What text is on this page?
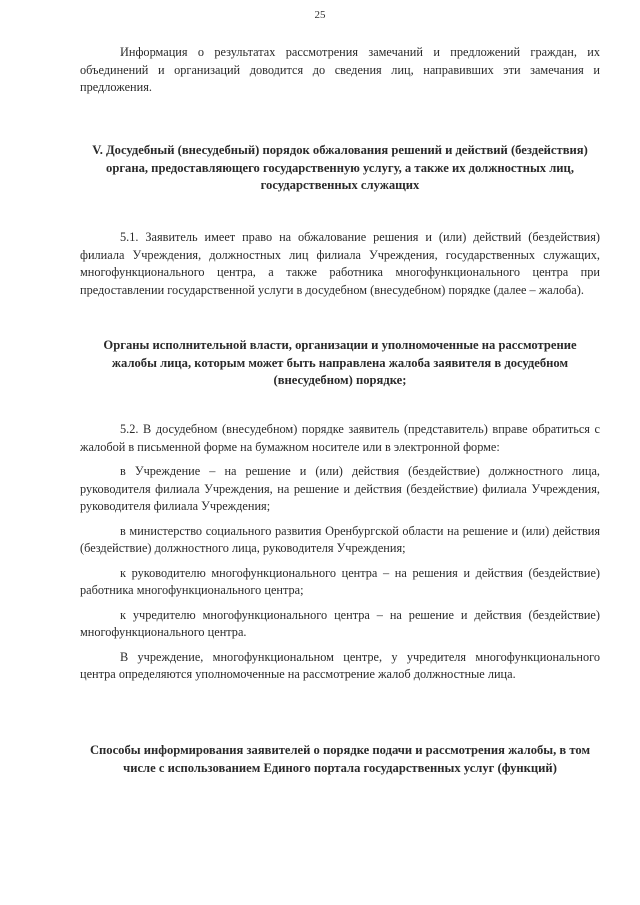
25

Информация о результатах рассмотрения замечаний и предложений граждан, их объединений и организаций доводится до сведения лиц, направивших эти замечания и предложения.

V. Досудебный (внесудебный) порядок обжалования решений и действий (бездействия) органа, предоставляющего государственную услугу, а также их должностных лиц, государственных служащих

5.1. Заявитель имеет право на обжалование решения и (или) действий (бездействия) филиала Учреждения, должностных лиц филиала Учреждения, государственных служащих, многофункционального центра, а также работника многофункционального центра при предоставлении государственной услуги в досудебном (внесудебном) порядке (далее – жалоба).

Органы исполнительной власти, организации и уполномоченные на рассмотрение жалобы лица, которым может быть направлена жалоба заявителя в досудебном (внесудебном) порядке;

5.2. В досудебном (внесудебном) порядке заявитель (представитель) вправе обратиться с жалобой в письменной форме на бумажном носителе или в электронной форме:

в Учреждение – на решение и (или) действия (бездействие) должностного лица, руководителя филиала Учреждения, на решение и действия (бездействие) филиала Учреждения, руководителя филиала Учреждения;

в министерство социального развития Оренбургской области на решение и (или) действия (бездействие) должностного лица, руководителя Учреждения;

к руководителю многофункционального центра – на решения и действия (бездействие) работника многофункционального центра;

к учредителю многофункционального центра – на решение и действия (бездействие) многофункционального центра.

В учреждение, многофункциональном центре, у учредителя многофункционального центра определяются уполномоченные на рассмотрение жалоб должностные лица.

Способы информирования заявителей о порядке подачи и рассмотрения жалобы, в том числе с использованием Единого портала государственных услуг (функций)
